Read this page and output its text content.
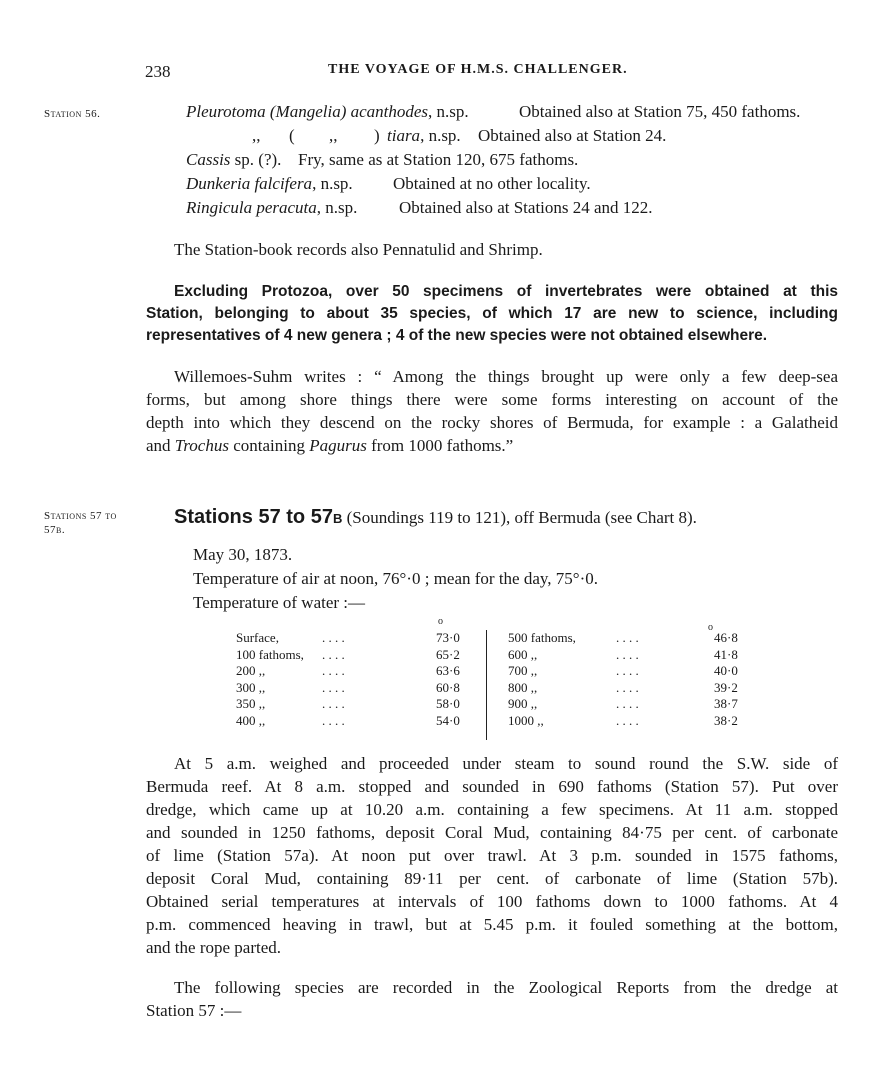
238	THE VOYAGE OF H.M.S. CHALLENGER.
Station 56.
Stations 57 to
57b.
Pleurotoma (Mangelia) acanthodes, n.sp.	Obtained also at Station 75, 450 fathoms.
,, ( ,, ) tiara, n.sp. Obtained also at Station 24.
Cassis sp. (?). Fry, same as at Station 120, 675 fathoms.
Dunkeria falcifera, n.sp. Obtained at no other locality.
Ringicula peracuta, n.sp. Obtained also at Stations 24 and 122.
The Station-book records also Pennatulid and Shrimp.
Excluding Protozoa, over 50 specimens of invertebrates were obtained at this
Station, belonging to about 35 species, of which 17 are new to science, including
representatives of 4 new genera ; 4 of the new species were not obtained elsewhere.
Willemoes-Suhm writes : “ Among the things brought up were only a few deep-sea
forms, but among shore things there were some forms interesting on account of the
depth into which they descend on the rocky shores of Bermuda, for example : a Galatheid
and Trochus containing Pagurus from 1000 fathoms.”
Stations 57 to 57B (Soundings 119 to 121), off Bermuda (see Chart 8).
May 30, 1873.
Temperature of air at noon, 76°·0 ; mean for the day, 75°·0.
Temperature of water :—
o
o
Surface,	. . . .	73·0
100 fathoms, . . . .	65·2
200 ,,	. . . .	63·6
300 ,,	. . . .	60·8
350 ,,	. . . .	58·0
400 ,,	. . . .	54·0
500 fathoms,	. . . .	46·8
600 ,,	. . . .	41·8
700 ,,	. . . .	40·0
800 ,,	. . . .	39·2
900 ,,	. . . .	38·7
1000 ,,	. . . .	38·2
At 5 a.m. weighed and proceeded under steam to sound round the S.W. side of
Bermuda reef. At 8 a.m. stopped and sounded in 690 fathoms (Station 57). Put over
dredge, which came up at 10.20 a.m. containing a few specimens. At 11 a.m. stopped
and sounded in 1250 fathoms, deposit Coral Mud, containing 84·75 per cent. of carbonate
of lime (Station 57a). At noon put over trawl. At 3 p.m. sounded in 1575 fathoms,
deposit Coral Mud, containing 89·11 per cent. of carbonate of lime (Station 57b).
Obtained serial temperatures at intervals of 100 fathoms down to 1000 fathoms. At 4
p.m. commenced heaving in trawl, but at 5.45 p.m. it fouled something at the bottom,
and the rope parted.
The following species are recorded in the Zoological Reports from the dredge at
Station 57 :—
